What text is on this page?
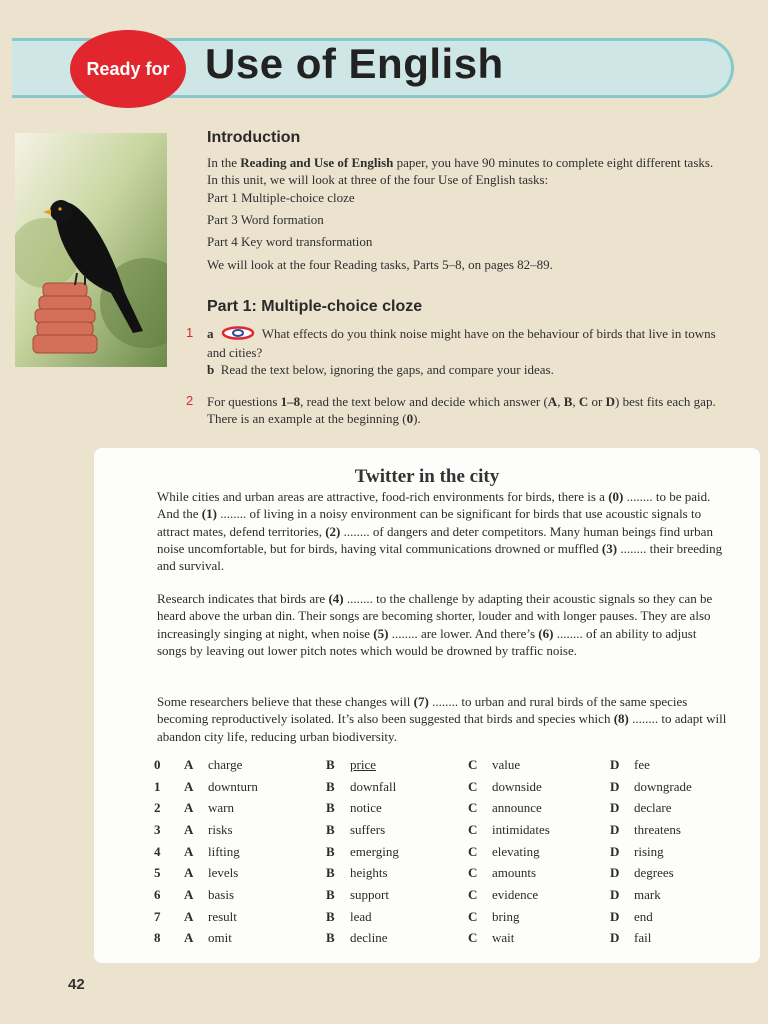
Ready for Use of English
Introduction
In the Reading and Use of English paper, you have 90 minutes to complete eight different tasks. In this unit, we will look at three of the four Use of English tasks:
Part 1 Multiple-choice cloze
Part 3 Word formation
Part 4 Key word transformation
We will look at the four Reading tasks, Parts 5–8, on pages 82–89.
Part 1: Multiple-choice cloze
1 a	What effects do you think noise might have on the behaviour of birds that live in towns and cities?
b Read the text below, ignoring the gaps, and compare your ideas.
2 For questions 1–8, read the text below and decide which answer (A, B, C or D) best fits each gap. There is an example at the beginning (0).
Twitter in the city
While cities and urban areas are attractive, food-rich environments for birds, there is a (0) ........ to be paid. And the (1) ........ of living in a noisy environment can be significant for birds that use acoustic signals to attract mates, defend territories, (2) ........ of dangers and deter competitors. Many human beings find urban noise uncomfortable, but for birds, having vital communications drowned or muffled (3) ........ their breeding and survival.
Research indicates that birds are (4) ........ to the challenge by adapting their acoustic signals so they can be heard above the urban din. Their songs are becoming shorter, louder and with longer pauses. They are also increasingly singing at night, when noise (5) ........ are lower. And there’s (6) ........ of an ability to adjust songs by leaving out lower pitch notes which would be drowned by traffic noise.
Some researchers believe that these changes will (7) ........ to urban and rural birds of the same species becoming reproductively isolated. It’s also been suggested that birds and species which (8) ........ to adapt will abandon city life, reducing urban biodiversity.
0	A	charge	B	price	C	value	D	fee
1	A	downturn	B	downfall	C	downside	D	downgrade
2	A	warn	B	notice	C	announce	D	declare
3	A	risks	B	suffers	C	intimidates	D	threatens
4	A	lifting	B	emerging	C	elevating	D	rising
5	A	levels	B	heights	C	amounts	D	degrees
6	A	basis	B	support	C	evidence	D	mark
7	A	result	B	lead	C	bring	D	end
8	A	omit	B	decline	C	wait	D	fail
42
